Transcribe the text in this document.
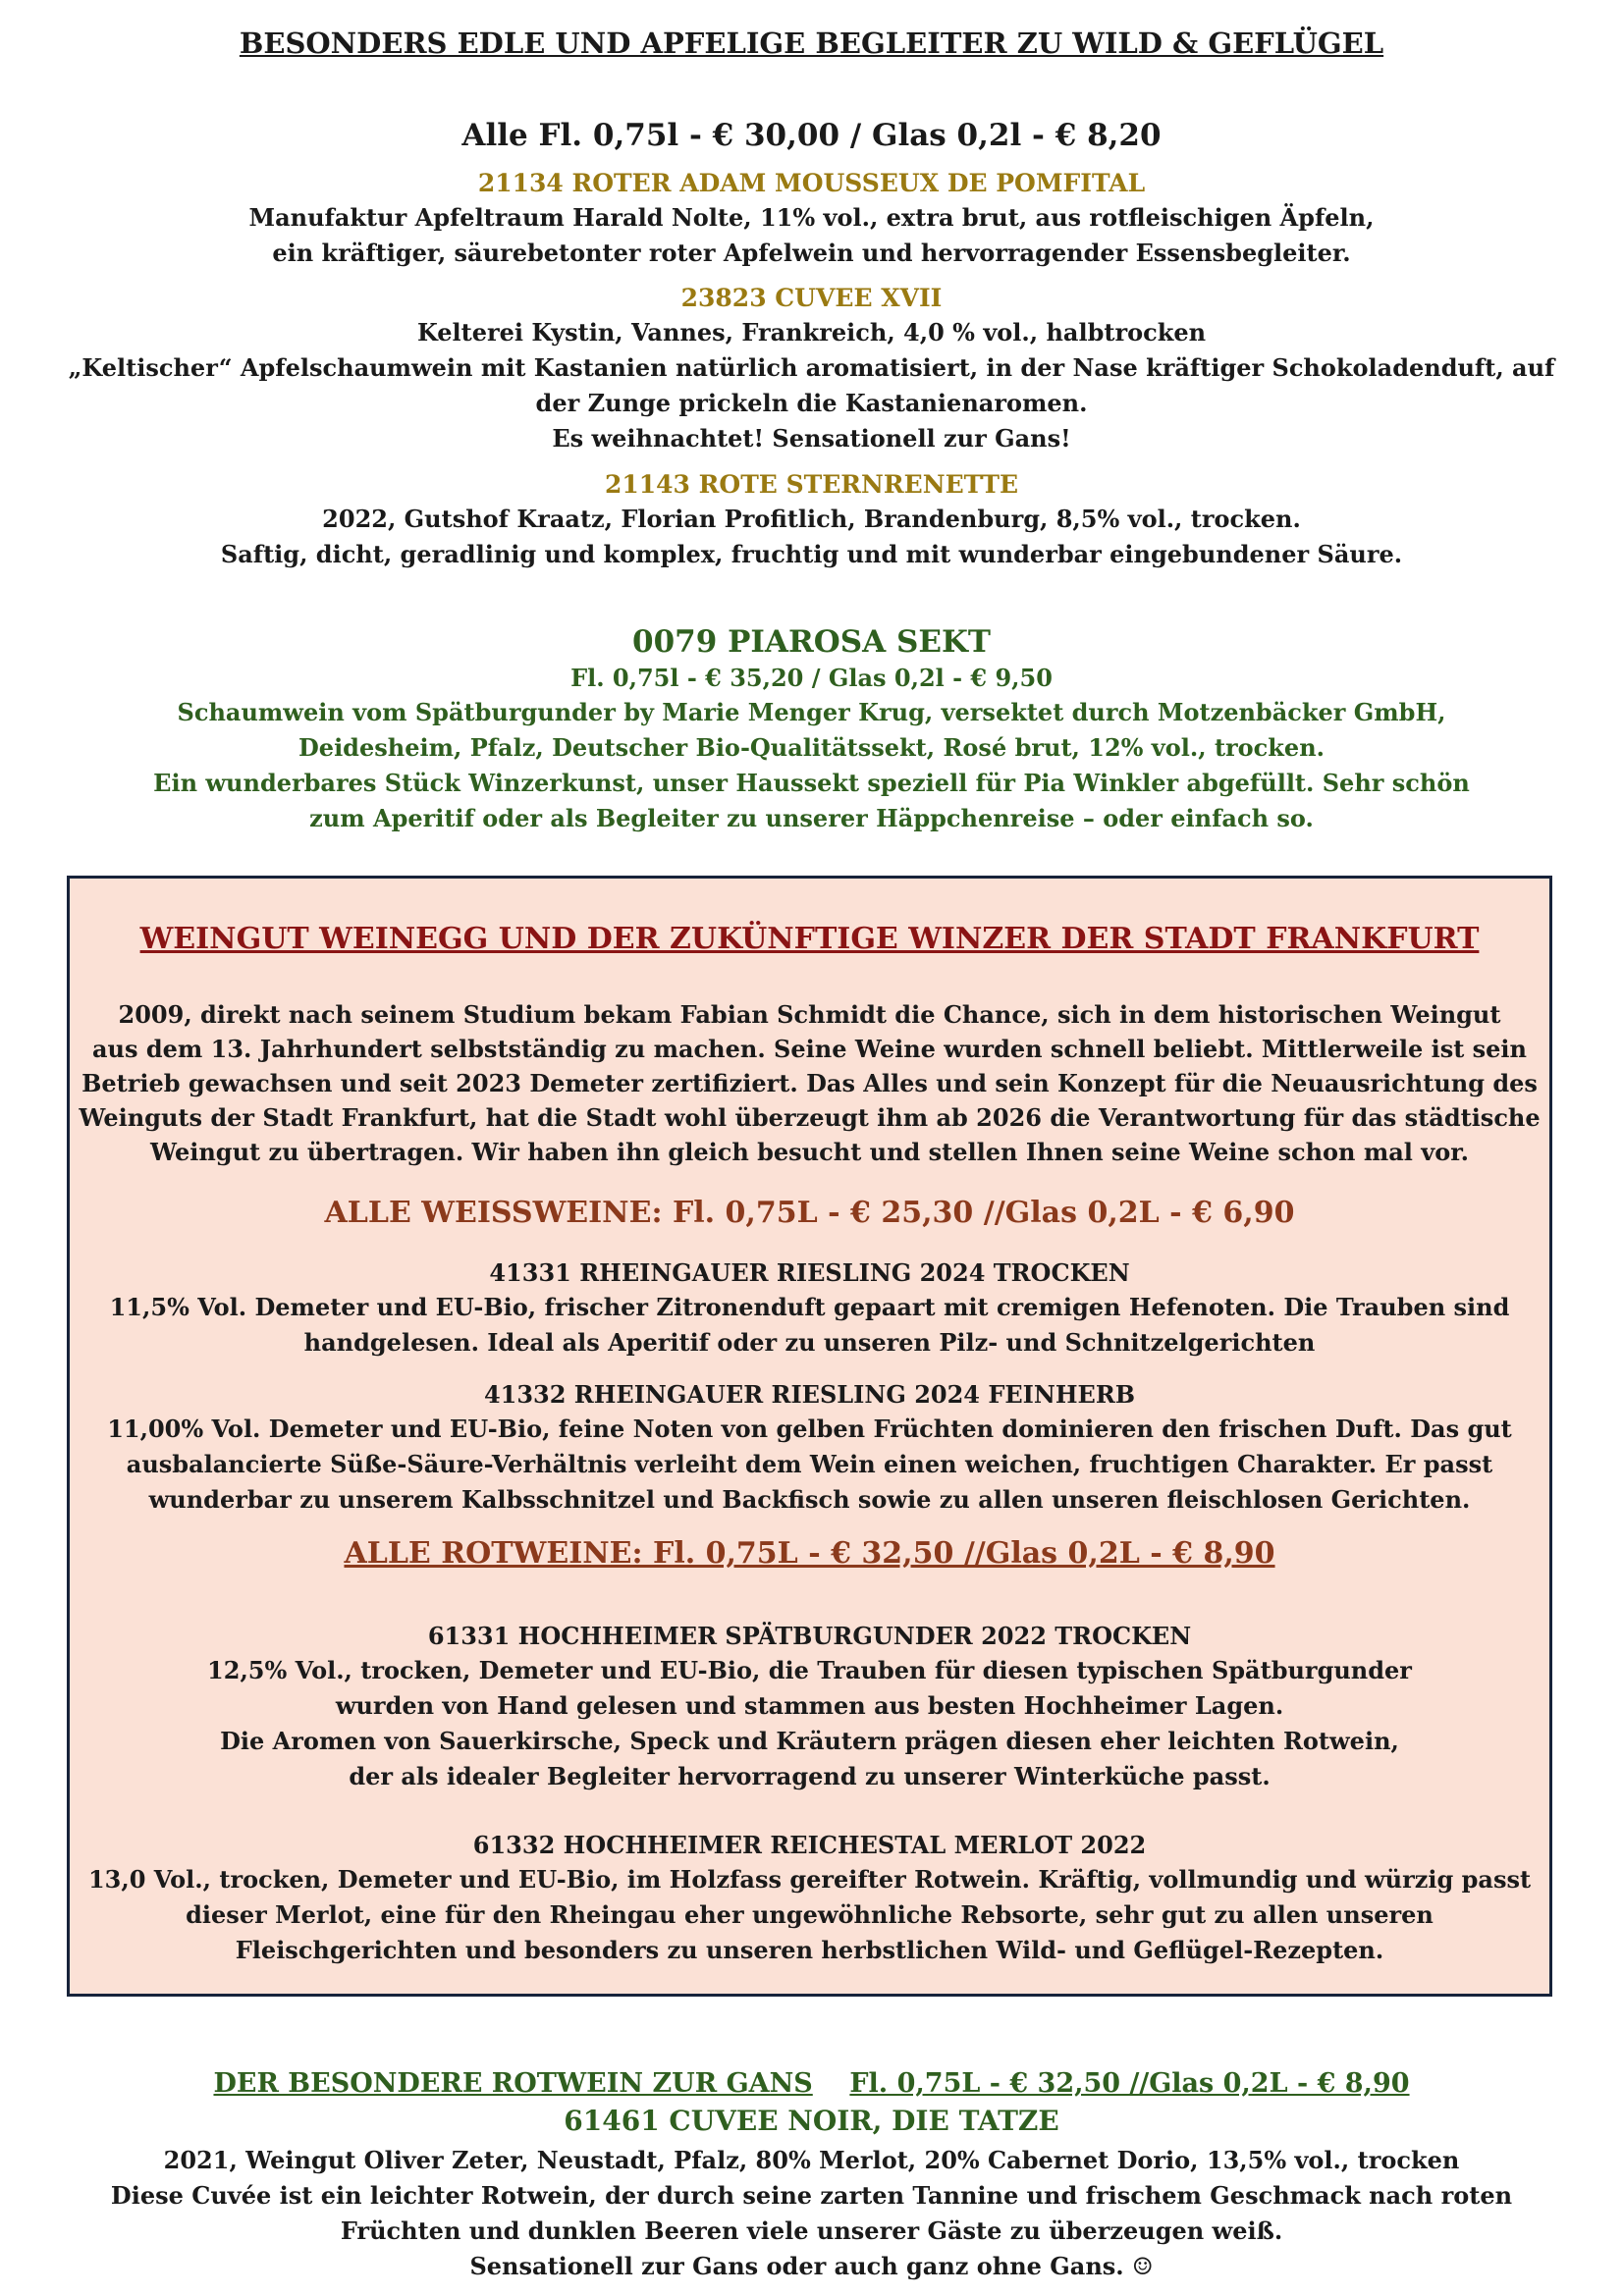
BESONDERS EDLE UND APFELIGE BEGLEITER ZU WILD & GEFLÜGEL

Alle Fl. 0,75l - € 30,00 / Glas 0,2l - € 8,20

21134 ROTER ADAM MOUSSEUX DE POMFITAL

Manufaktur Apfeltraum Harald Nolte, 11% vol., extra brut, aus rotfleischigen Äpfeln,
ein kräftiger, säurebetonter roter Apfelwein und hervorragender Essensbegleiter.

23823 CUVEE XVII

Kelterei Kystin, Vannes, Frankreich, 4,0 % vol., halbtrocken
„Keltischer“ Apfelschaumwein mit Kastanien natürlich aromatisiert, in der Nase kräftiger Schokoladenduft, auf
der Zunge prickeln die Kastanienaromen.
Es weihnachtet! Sensationell zur Gans!

21143 ROTE STERNRENETTE

2022, Gutshof Kraatz, Florian Profitlich, Brandenburg, 8,5% vol., trocken.
Saftig, dicht, geradlinig und komplex, fruchtig und mit wunderbar eingebundener Säure.

0079 PIAROSA SEKT

Fl. 0,75l - € 35,20 / Glas 0,2l - € 9,50

Schaumwein vom Spätburgunder by Marie Menger Krug, versektet durch Motzenbäcker GmbH,
Deidesheim, Pfalz, Deutscher Bio-Qualitätssekt, Rosé brut, 12% vol., trocken.
Ein wunderbares Stück Winzerkunst, unser Haussekt speziell für Pia Winkler abgefüllt. Sehr schön
zum Aperitif oder als Begleiter zu unserer Häppchenreise – oder einfach so.

WEINGUT WEINEGG UND DER ZUKÜNFTIGE WINZER DER STADT FRANKFURT

2009, direkt nach seinem Studium bekam Fabian Schmidt die Chance, sich in dem historischen Weingut
aus dem 13. Jahrhundert selbstständig zu machen. Seine Weine wurden schnell beliebt. Mittlerweile ist sein
Betrieb gewachsen und seit 2023 Demeter zertifiziert. Das Alles und sein Konzept für die Neuausrichtung des
Weinguts der Stadt Frankfurt, hat die Stadt wohl überzeugt ihm ab 2026 die Verantwortung für das städtische
Weingut zu übertragen. Wir haben ihn gleich besucht und stellen Ihnen seine Weine schon mal vor.

ALLE WEISSWEINE: Fl. 0,75L - € 25,30 //Glas 0,2L - € 6,90

41331 RHEINGAUER RIESLING 2024 TROCKEN

11,5% Vol. Demeter und EU-Bio, frischer Zitronenduft gepaart mit cremigen Hefenoten. Die Trauben sind
handgelesen. Ideal als Aperitif oder zu unseren Pilz- und Schnitzelgerichten

41332 RHEINGAUER RIESLING 2024 FEINHERB

11,00% Vol. Demeter und EU-Bio, feine Noten von gelben Früchten dominieren den frischen Duft. Das gut
ausbalancierte Süße-Säure-Verhältnis verleiht dem Wein einen weichen, fruchtigen Charakter. Er passt
wunderbar zu unserem Kalbsschnitzel und Backfisch sowie zu allen unseren fleischlosen Gerichten.

ALLE ROTWEINE: Fl. 0,75L - € 32,50 //Glas 0,2L - € 8,90

61331 HOCHHEIMER SPÄTBURGUNDER 2022 TROCKEN

12,5% Vol., trocken, Demeter und EU-Bio, die Trauben für diesen typischen Spätburgunder
wurden von Hand gelesen und stammen aus besten Hochheimer Lagen.
Die Aromen von Sauerkirsche, Speck und Kräutern prägen diesen eher leichten Rotwein,
der als idealer Begleiter hervorragend zu unserer Winterküche passt.

61332 HOCHHEIMER REICHESTAL MERLOT 2022

13,0 Vol., trocken, Demeter und EU-Bio, im Holzfass gereifter Rotwein. Kräftig, vollmundig und würzig passt
dieser Merlot, eine für den Rheingau eher ungewöhnliche Rebsorte, sehr gut zu allen unseren
Fleischgerichten und besonders zu unseren herbstlichen Wild- und Geflügel-Rezepten.

DER BESONDERE ROTWEIN ZUR GANS Fl. 0,75L - € 32,50 //Glas 0,2L - € 8,90

61461 CUVEE NOIR, DIE TATZE

2021, Weingut Oliver Zeter, Neustadt, Pfalz, 80% Merlot, 20% Cabernet Dorio, 13,5% vol., trocken
Diese Cuvée ist ein leichter Rotwein, der durch seine zarten Tannine und frischem Geschmack nach roten
Früchten und dunklen Beeren viele unserer Gäste zu überzeugen weiß.
Sensationell zur Gans oder auch ganz ohne Gans. ☺
